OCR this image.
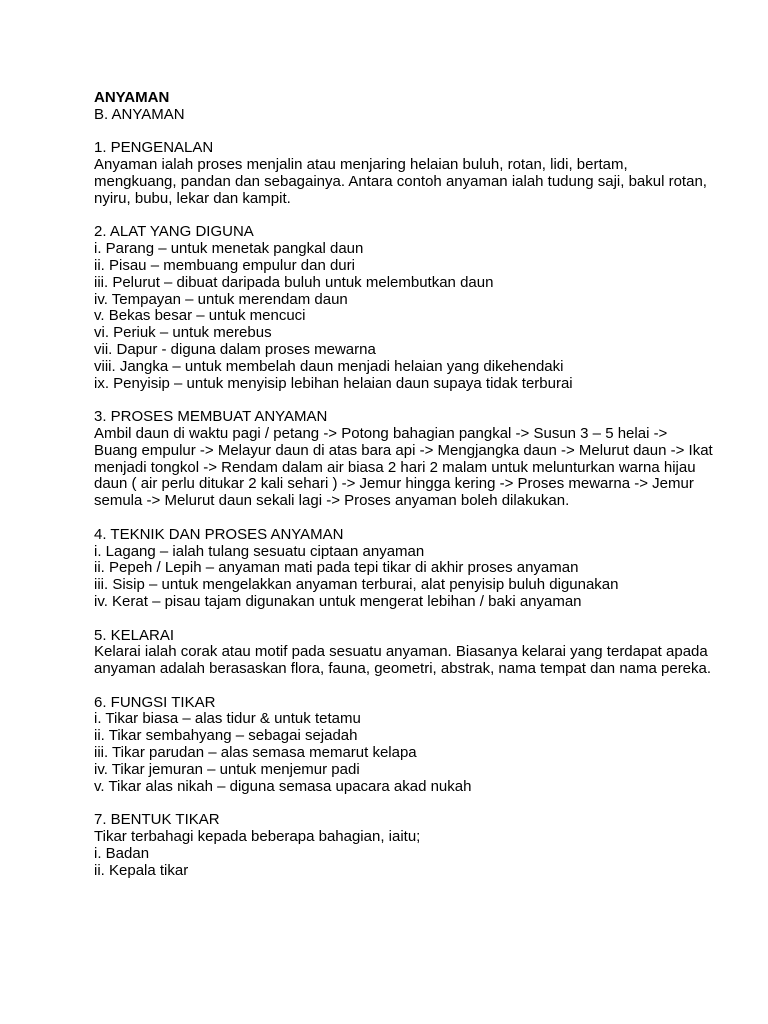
ANYAMAN

B. ANYAMAN

1. PENGENALAN

Anyaman ialah proses menjalin atau menjaring helaian buluh, rotan, lidi, bertam, mengkuang, pandan dan sebagainya. Antara contoh anyaman ialah tudung saji, bakul rotan, nyiru, bubu, lekar dan kampit.

2. ALAT YANG DIGUNA
i. Parang – untuk menetak pangkal daun
ii. Pisau – membuang empulur dan duri
iii. Pelurut – dibuat daripada buluh untuk melembutkan daun
iv. Tempayan – untuk merendam daun
v. Bekas besar – untuk mencuci
vi. Periuk – untuk merebus
vii. Dapur - diguna dalam proses mewarna
viii. Jangka – untuk membelah daun menjadi helaian yang dikehendaki
ix. Penyisip – untuk menyisip lebihan helaian daun supaya tidak terburai
3. PROSES MEMBUAT ANYAMAN

Ambil daun di waktu pagi / petang -> Potong bahagian pangkal -> Susun 3 – 5 helai -> Buang empulur -> Melayur daun di atas bara api -> Mengjangka daun -> Melurut daun -> Ikat menjadi tongkol -> Rendam dalam air biasa 2 hari 2 malam untuk melunturkan warna hijau daun ( air perlu ditukar 2 kali sehari ) -> Jemur hingga kering -> Proses mewarna -> Jemur semula -> Melurut daun sekali lagi -> Proses anyaman boleh dilakukan.

4. TEKNIK DAN PROSES ANYAMAN
i. Lagang – ialah tulang sesuatu ciptaan anyaman
ii. Pepeh / Lepih – anyaman mati pada tepi tikar di akhir proses anyaman
iii. Sisip – untuk mengelakkan anyaman terburai, alat penyisip buluh digunakan
iv. Kerat – pisau tajam digunakan untuk mengerat lebihan / baki anyaman
5. KELARAI

Kelarai ialah corak atau motif pada sesuatu anyaman. Biasanya kelarai yang terdapat apada anyaman adalah berasaskan flora, fauna, geometri, abstrak, nama tempat dan nama pereka.

6. FUNGSI TIKAR
i. Tikar biasa – alas tidur & untuk tetamu
ii. Tikar sembahyang – sebagai sejadah
iii. Tikar parudan – alas semasa memarut kelapa
iv. Tikar jemuran – untuk menjemur padi
v. Tikar alas nikah – diguna semasa upacara akad nukah
7. BENTUK TIKAR

Tikar terbahagi kepada beberapa bahagian, iaitu;

i. Badan
ii. Kepala tikar
